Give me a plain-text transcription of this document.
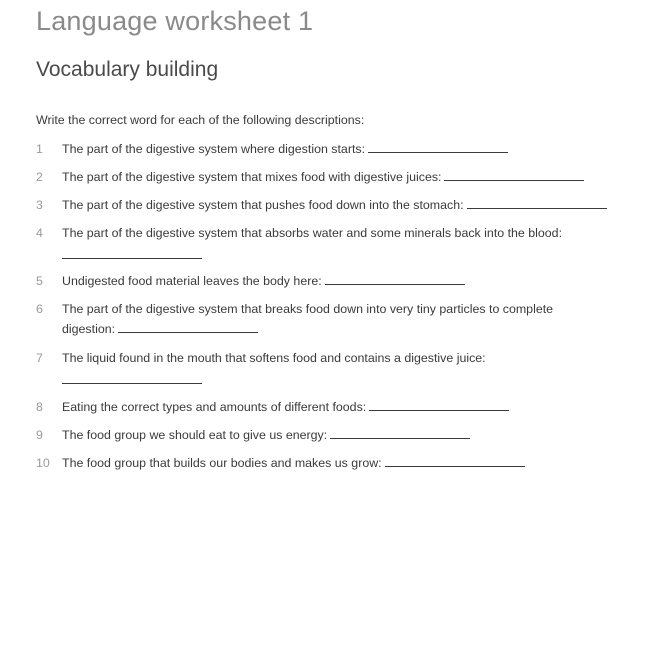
Language worksheet 1
Vocabulary building
Write the correct word for each of the following descriptions:
1	The part of the digestive system where digestion starts:
2	The part of the digestive system that mixes food with digestive juices:
3	The part of the digestive system that pushes food down into the stomach:
4	The part of the digestive system that absorbs water and some minerals back into the blood:
5	Undigested food material leaves the body here:
6	The part of the digestive system that breaks food down into very tiny particles to complete
digestion:
7	The liquid found in the mouth that softens food and contains a digestive juice:
8	Eating the correct types and amounts of different foods:
9	The food group we should eat to give us energy:
10 The food group that builds our bodies and makes us grow:
